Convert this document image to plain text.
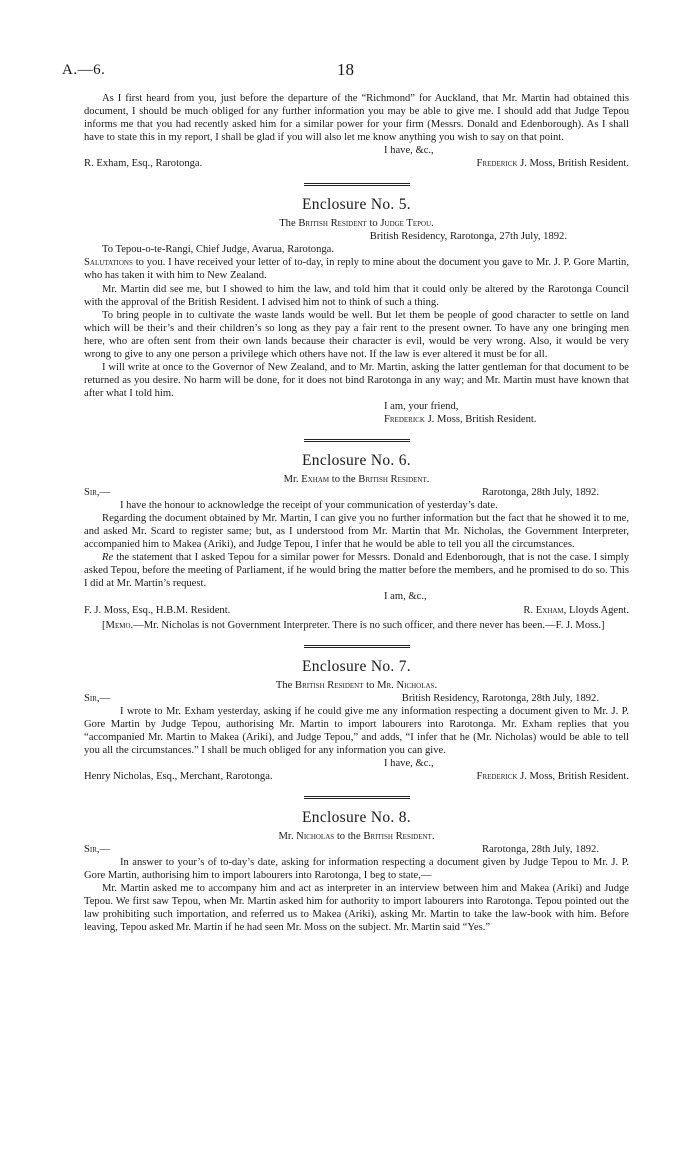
A.—6.	18

As I first heard from you, just before the departure of the “Richmond” for Auckland, that Mr. Martin had obtained this document, I should be much obliged for any further information you may be able to give me. I should add that Judge Tepou informs me that you had recently asked him for a similar power for your firm (Messrs. Donald and Edenborough). As I shall have to state this in my report, I shall be glad if you will also let me know anything you wish to say on that point.

I have, &c.,

R. Exham, Esq., Rarotonga.	Frederick J. Moss, British Resident.
Enclosure No. 5.

The British Resident to Judge Tepou.

British Residency, Rarotonga, 27th July, 1892.

To Tepou-o-te-Rangi, Chief Judge, Avarua, Rarotonga.

Salutations to you. I have received your letter of to-day, in reply to mine about the document you gave to Mr. J. P. Gore Martin, who has taken it with him to New Zealand.

Mr. Martin did see me, but I showed to him the law, and told him that it could only be altered by the Rarotonga Council with the approval of the British Resident. I advised him not to think of such a thing.

To bring people in to cultivate the waste lands would be well. But let them be people of good character to settle on land which will be their’s and their children’s so long as they pay a fair rent to the present owner. To have any one bringing men here, who are often sent from their own lands because their character is evil, would be very wrong. Also, it would be very wrong to give to any one person a privilege which others have not. If the law is ever altered it must be for all.

I will write at once to the Governor of New Zealand, and to Mr. Martin, asking the latter gentleman for that document to be returned as you desire. No harm will be done, for it does not bind Rarotonga in any way; and Mr. Martin must have known that after what I told him.

I am, your friend,

Frederick J. Moss, British Resident.

Enclosure No. 6.

Mr. Exham to the British Resident.

Sir,—	Rarotonga, 28th July, 1892.

I have the honour to acknowledge the receipt of your communication of yesterday’s date.

Regarding the document obtained by Mr. Martin, I can give you no further information but the fact that he showed it to me, and asked Mr. Scard to register same; but, as I understood from Mr. Martin that Mr. Nicholas, the Government Interpreter, accompanied him to Makea (Ariki), and Judge Tepou, I infer that he would be able to tell you all the circumstances.

Re the statement that I asked Tepou for a similar power for Messrs. Donald and Edenborough, that is not the case. I simply asked Tepou, before the meeting of Parliament, if he would bring the matter before the members, and he promised to do so. This I did at Mr. Martin’s request.

I am, &c.,

F. J. Moss, Esq., H.B.M. Resident.	R. Exham, Lloyds Agent.

[Memo.—Mr. Nicholas is not Government Interpreter. There is no such officer, and there never has been.—F. J. Moss.]

Enclosure No. 7.

The British Resident to Mr. Nicholas.

Sir,—	British Residency, Rarotonga, 28th July, 1892.

I wrote to Mr. Exham yesterday, asking if he could give me any information respecting a document given to Mr. J. P. Gore Martin by Judge Tepou, authorising Mr. Martin to import labourers into Rarotonga. Mr. Exham replies that you “accompanied Mr. Martin to Makea (Ariki), and Judge Tepou,” and adds, “I infer that he (Mr. Nicholas) would be able to tell you all the circumstances.” I shall be much obliged for any information you can give.

I have, &c.,

Henry Nicholas, Esq., Merchant, Rarotonga.	Frederick J. Moss, British Resident.
Enclosure No. 8.

Mr. Nicholas to the British Resident.

Sir,—	Rarotonga, 28th July, 1892.

In answer to your’s of to-day’s date, asking for information respecting a document given by Judge Tepou to Mr. J. P. Gore Martin, authorising him to import labourers into Rarotonga, I beg to state,—

Mr. Martin asked me to accompany him and act as interpreter in an interview between him and Makea (Ariki) and Judge Tepou. We first saw Tepou, when Mr. Martin asked him for authority to import labourers into Rarotonga. Tepou pointed out the law prohibiting such importation, and referred us to Makea (Ariki), asking Mr. Martin to take the law-book with him. Before leaving, Tepou asked Mr. Martin if he had seen Mr. Moss on the subject. Mr. Martin said “Yes.”
